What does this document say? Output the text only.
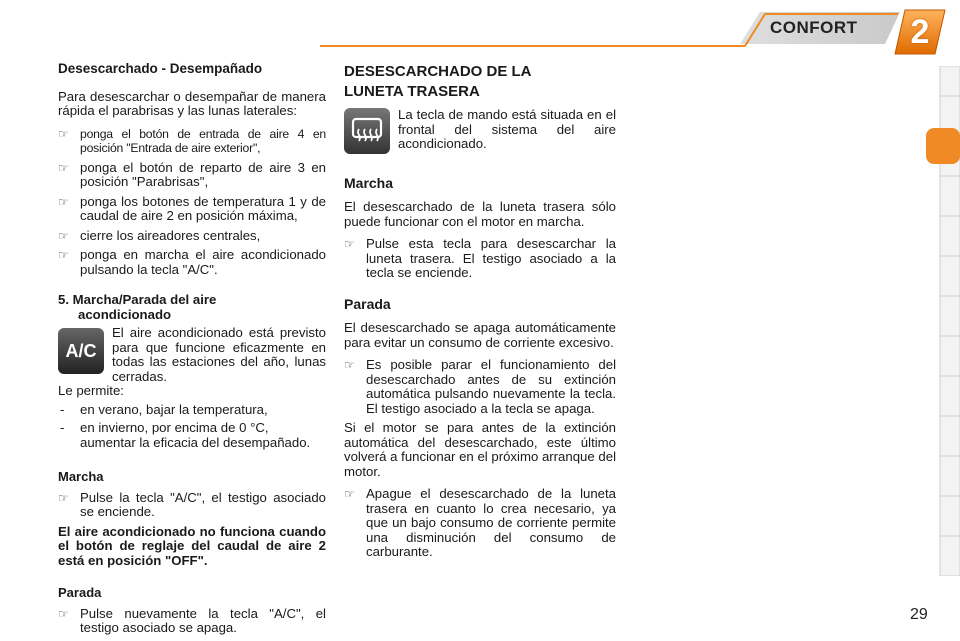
CONFORT	2
Desescarchado - Desempañado

Para desescarchar o desempañar de manera rápida el parabrisas y las lunas laterales:

☞ ponga el botón de entrada de aire 4 en posición "Entrada de aire exterior",
☞ ponga el botón de reparto de aire 3 en posición "Parabrisas",
☞ ponga los botones de temperatura 1 y de caudal de aire 2 en posición máxima,
☞ cierre los aireadores centrales,
☞ ponga en marcha el aire acondicionado pulsando la tecla "A/C".
5. Marcha/Parada del aire
acondicionado
A/C

El aire acondicionado está previsto para que funcione eficazmente en todas las estaciones del año, lunas cerradas.

Le permite:

- en verano, bajar la temperatura,
- en invierno, por encima de 0 °C, aumentar la eficacia del desempañado.
Marcha
☞ Pulse la tecla "A/C", el testigo asociado se enciende.

El aire acondicionado no funciona cuando el botón de reglaje del caudal de aire 2 está en posición "OFF".

Parada
☞ Pulse nuevamente la tecla "A/C", el testigo asociado se apaga.
DESESCARCHADO DE LA
LUNETA TRASERA

La tecla de mando está situada en el frontal del sistema del aire acondicionado.

Marcha

El desescarchado de la luneta trasera sólo puede funcionar con el motor en marcha.

☞ Pulse esta tecla para desescarchar la luneta trasera. El testigo asociado a la tecla se enciende.
Parada

El desescarchado se apaga automáticamente para evitar un consumo de corriente excesivo.

☞ Es posible parar el funcionamiento del desescarchado antes de su extinción automática pulsando nuevamente la tecla. El testigo asociado a la tecla se apaga.

Si el motor se para antes de la extinción automática del desescarchado, este último volverá a funcionar en el próximo arranque del motor.

☞ Apague el desescarchado de la luneta trasera en cuanto lo crea necesario, ya que un bajo consumo de corriente permite una disminución del consumo de carburante.
29
